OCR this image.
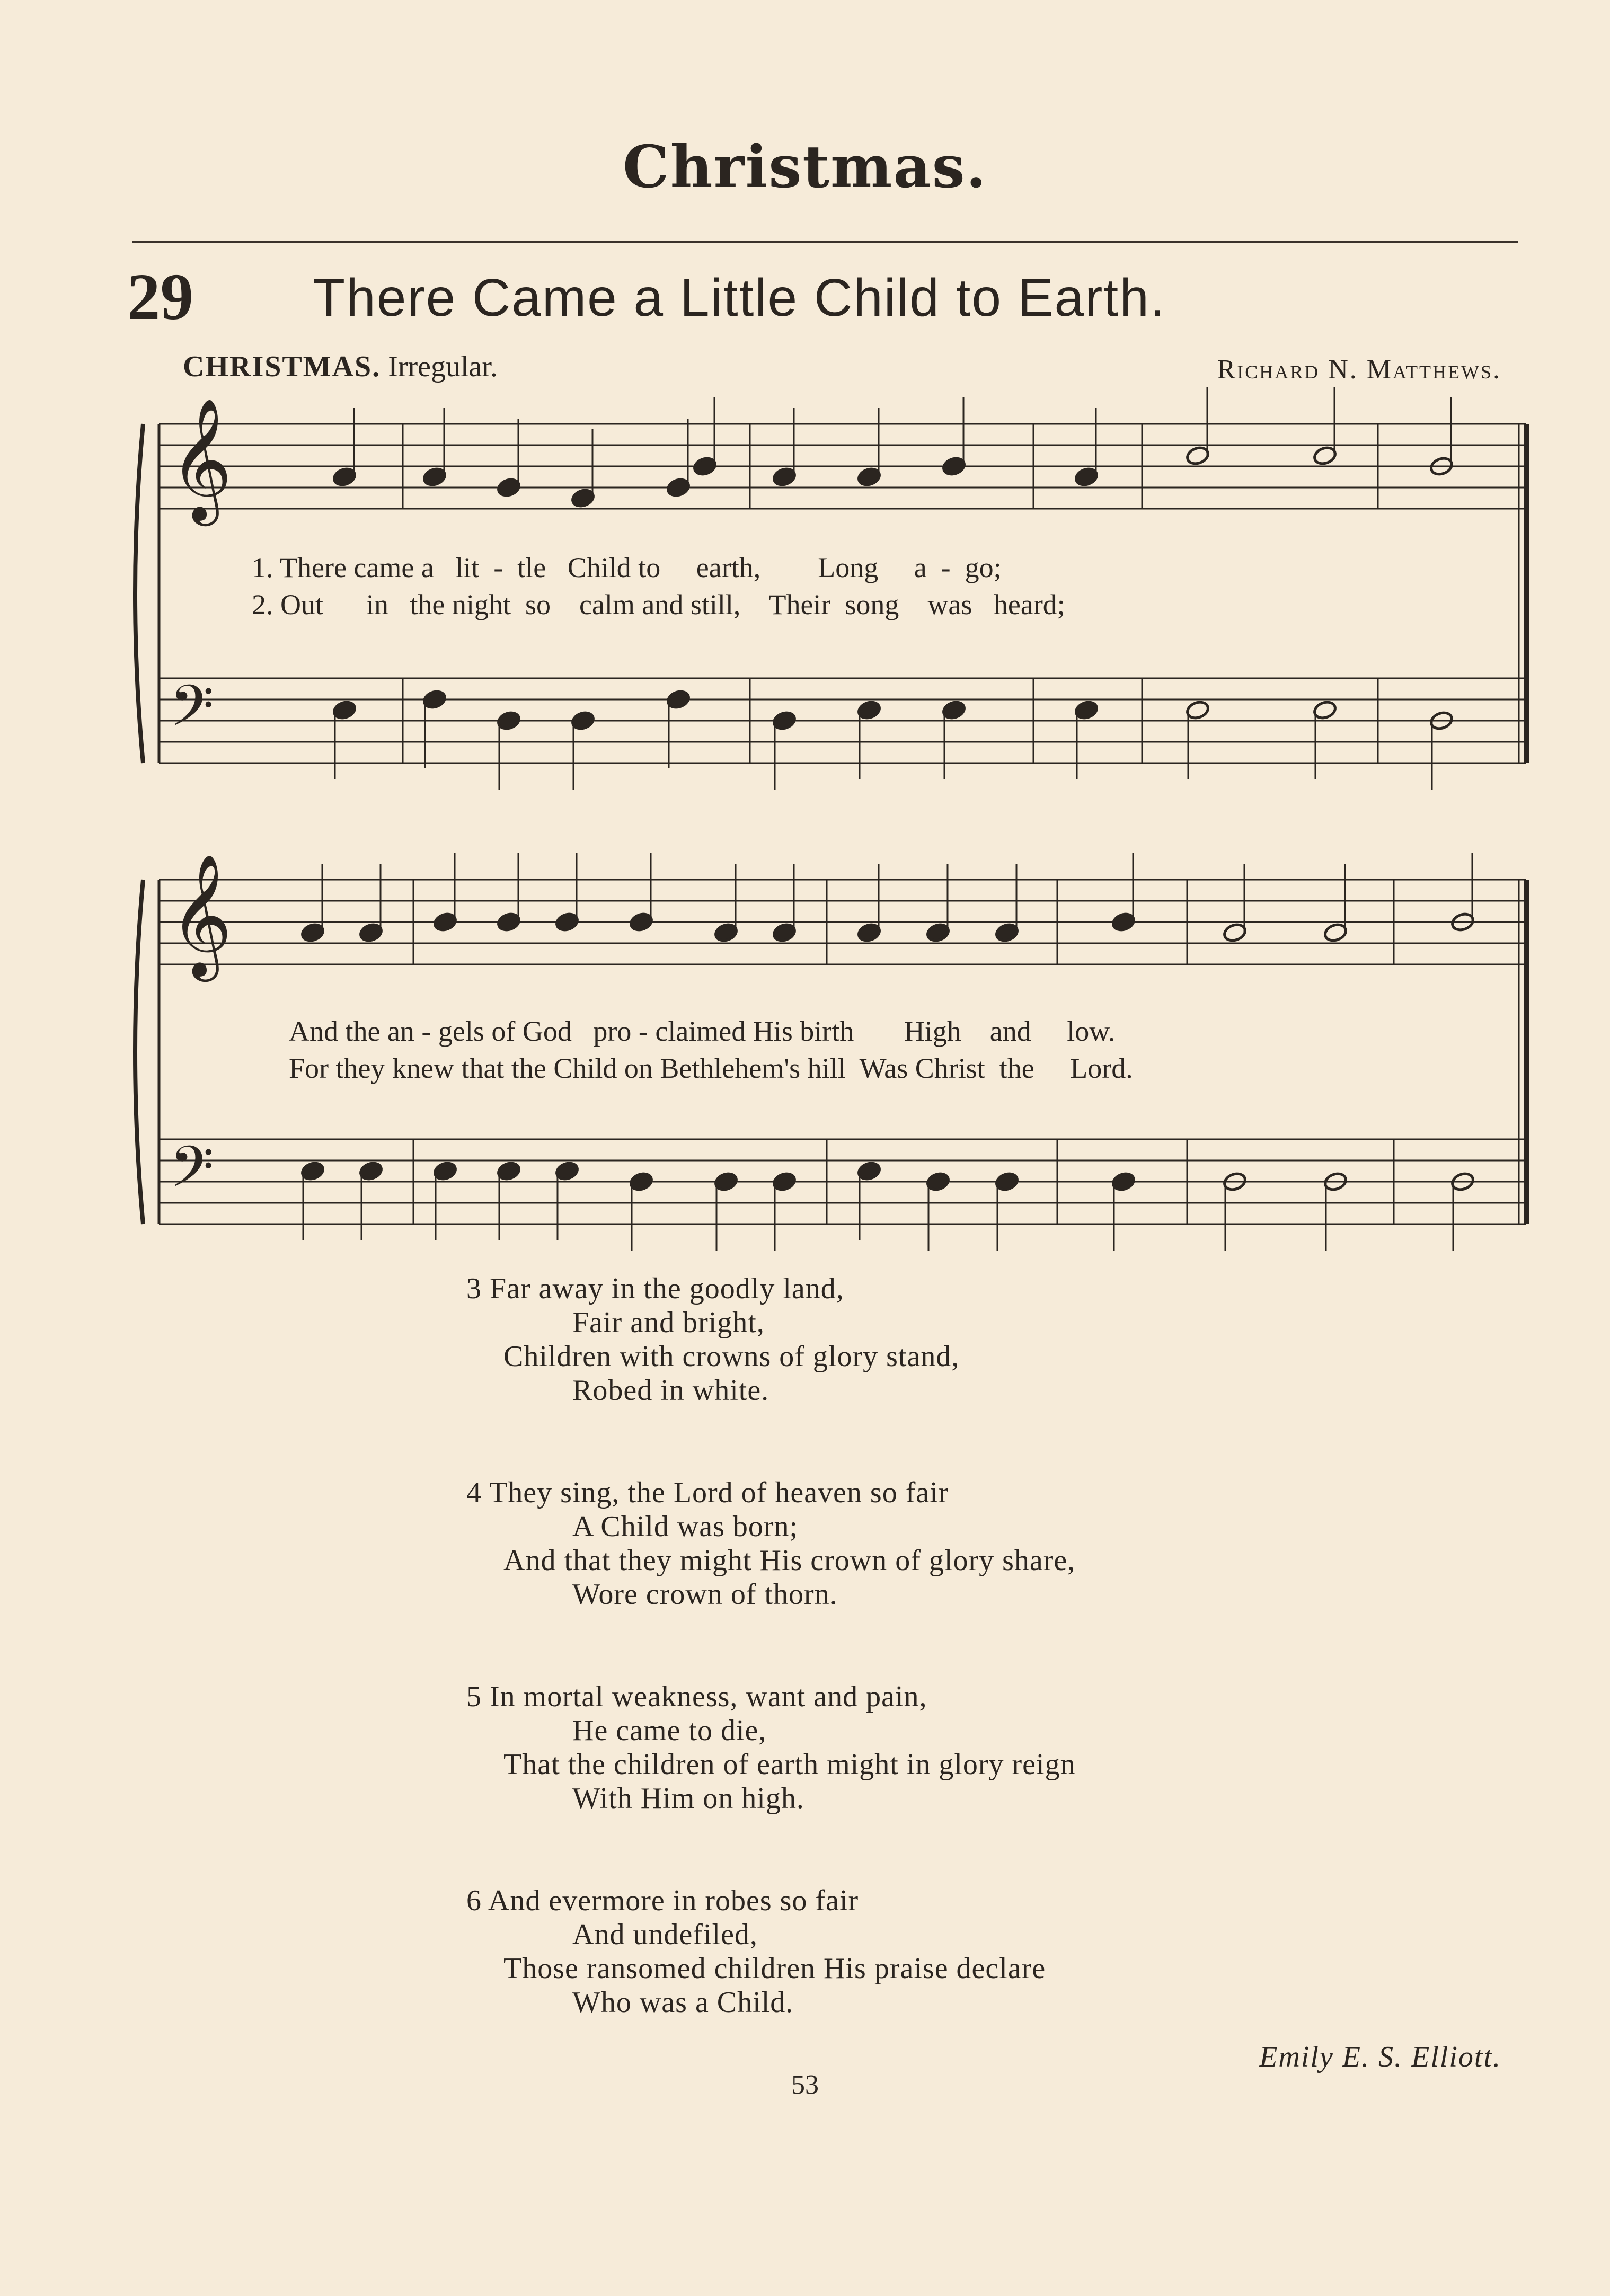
Christmas.
29 There Came a Little Child to Earth.
CHRISTMAS. Irregular.	Richard N. Matthews.
𝄞
𝄢
𝄞
𝄢
1. There came a   lit  -  tle   Child to     earth,        Long     a  -  go;
2. Out      in   the night  so    calm and still,    Their  song    was   heard;
And the an - gels of God   pro - claimed His birth       High    and     low.
For they knew that the Child on Bethlehem's hill  Was Christ  the     Lord.
3 Far away in the goodly land,
Fair and bright,
Children with crowns of glory stand,
Robed in white.
4 They sing, the Lord of heaven so fair
A Child was born;
And that they might His crown of glory share,
Wore crown of thorn.
5 In mortal weakness, want and pain,
He came to die,
That the children of earth might in glory reign
With Him on high.
6 And evermore in robes so fair
And undefiled,
Those ransomed children His praise declare
Who was a Child.
Emily E. S. Elliott.
53
